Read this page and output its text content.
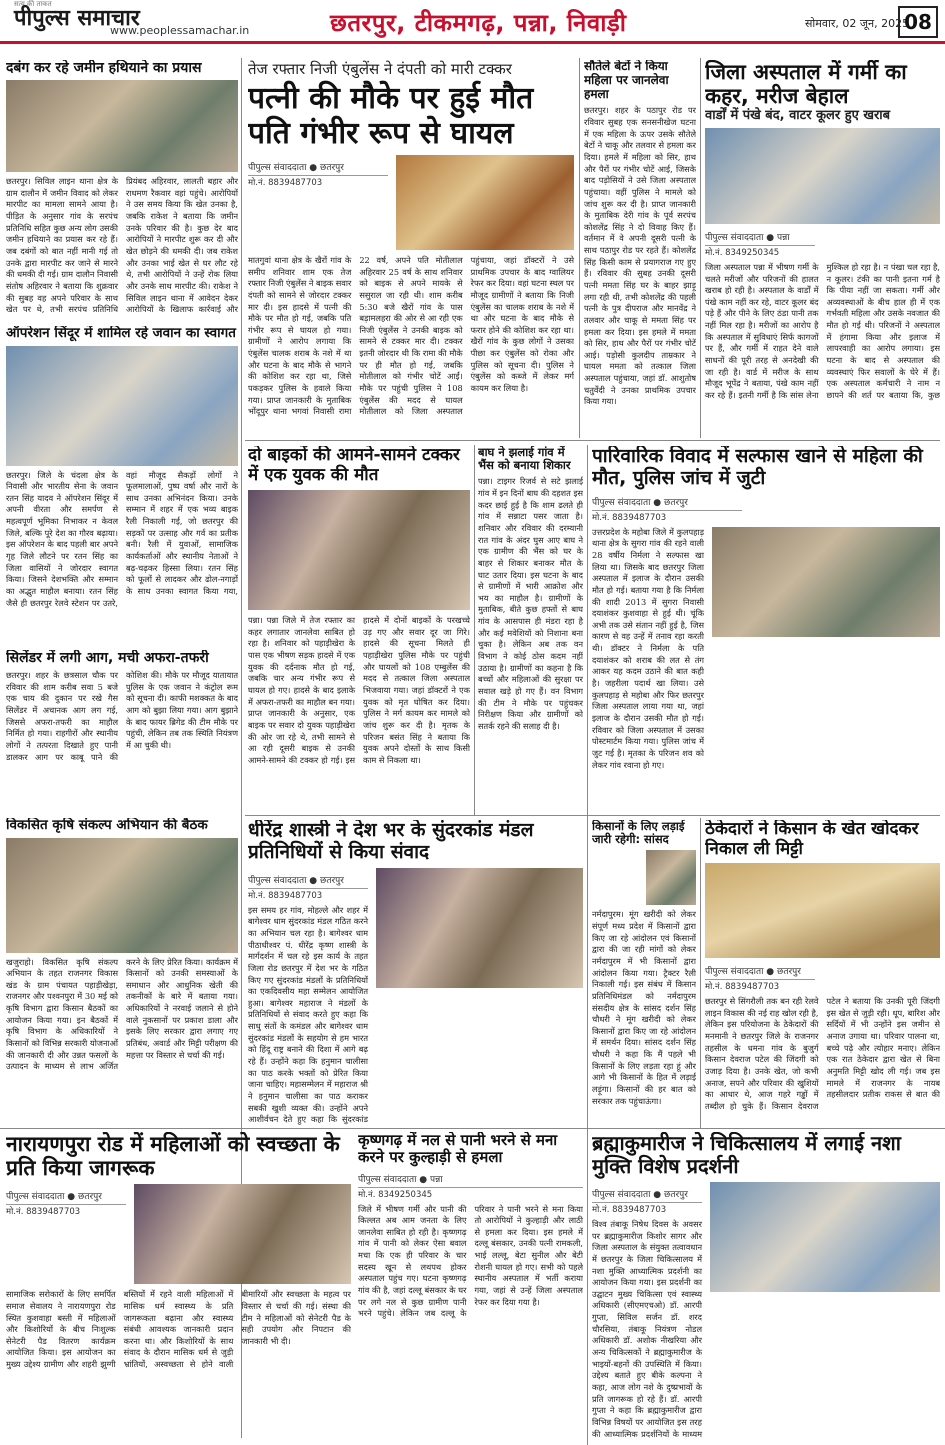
सत्य की ताकत
पीपुल्स समाचार
www.peoplessamachar.in	छतरपुर, टीकमगढ़, पन्ना, निवाड़ी	सोमवार, 02 जून, 2025
08
दबंग कर रहे जमीन हथियाने का प्रयास
छतरपुर। सिविल लाइन थाना क्षेत्र के ग्राम दालौन में जमीन विवाद को लेकर मारपीट का मामला सामने आया है। पीड़ित के अनुसार गांव के सरपंच प्रतिनिधि सहित कुछ अन्य लोग उसकी जमीन हथियाने का प्रयास कर रहे हैं। जब दबंगों को बात नहीं मानी गई तो उनके द्वारा मारपीट कर जाने से मारने की धमकी दी गई। ग्राम दालौन निवासी संतोष अहिरवार ने बताया कि शुक्रवार की सुबह वह अपने परिवार के साथ खेत पर थे, तभी सरपंच प्रतिनिधि प्रियंबद अहिरवार, लालती बहार और राधमण रैकवार वहां पहुंचे। आरोपियों ने उस समय किया कि खेत उनका है, जबकि राकेश ने बताया कि जमीन उनके परिवार की है। कुछ देर बाद आरोपियों ने मारपीट शुरू कर दी और खेत छोड़ने की धमकी दी। जब राकेश और उनका भाई खेत से घर लौट रहे थे, तभी आरोपियों ने उन्हें रोक लिया और उनके साथ मारपीट की। राकेश ने सिविल लाइन थाना में आवेदन देकर आरोपियों के खिलाफ कार्रवाई और
ऑपरेशन सिंदूर में शामिल रहे जवान का स्वागत
छतरपुर। जिले के चंदला क्षेत्र के निवासी और भारतीय सेना के जवान रतन सिंह यादव ने ऑपरेशन सिंदूर में अपनी वीरता और समर्पण से महत्वपूर्ण भूमिका निभाकर न केवल जिले, बल्कि पूरे देश का गौरव बढ़ाया। इस ऑपरेशन के बाद पहली बार अपने गृह जिले लौटने पर रतन सिंह का जिला वासियों ने जोरदार स्वागत किया। जिसने देशभक्ति और सम्मान का अद्भुत माहौल बनाया। रतन सिंह जैसे ही छतरपुर रेलवे स्टेशन पर उतरे, वहां मौजूद सैकड़ों लोगों ने फूलमालाओं, पुष्प वर्षा और नारों के साथ उनका अभिनंदन किया। उनके सम्मान में शहर में एक भव्य बाइक रैली निकाली गई, जो छतरपुर की सड़कों पर उत्साह और गर्व का प्रतीक बनी। रैली में युवाओं, सामाजिक कार्यकर्ताओं और स्थानीय नेताओं ने बढ़-चढ़कर हिस्सा लिया। रतन सिंह को फूलों से लादकर और ढोल-नगाड़ों के साथ उनका स्वागत किया गया,
सिलेंडर में लगी आग, मची अफरा-तफरी
छतरपुर। शहर के छत्रसाल चौक पर रविवार की शाम करीब सवा 5 बजे एक चाय की दुकान पर रखे गैस सिलेंडर में अचानक आग लग गई, जिससे अफरा-तफरी का माहौल निर्मित हो गया। राहगीरों और स्थानीय लोगों ने तत्परता दिखाते हुए पानी डालकर आग पर काबू पाने की कोशिश की। मौके पर मौजूद यातायात पुलिस के एक जवान ने कंट्रोल रूम को सूचना दी। काफी मशक्कत के बाद आग को बुझा लिया गया। आग बुझाने के बाद फायर ब्रिगेड की टीम मौके पर पहुंची, लेकिन तब तक स्थिति नियंत्रण में आ चुकी थी।
विकसित कृषि संकल्प अभियान की बैठक
खजुराहो। विकसित कृषि संकल्प अभियान के तहत राजनगर विकास खंड के ग्राम पंचायत पहाड़ीखेड़ा, राजनगर और पश्वनपुरा में 30 मई को कृषि विभाग द्वारा किसान बैठकों का आयोजन किया गया। इन बैठकों में कृषि विभाग के अधिकारियों ने किसानों को विभिन्न सरकारी योजनाओं की जानकारी दी और उन्नत फसलों के उत्पादन के माध्यम से लाभ अर्जित करने के लिए प्रेरित किया। कार्यक्रम में किसानों को उनकी समस्याओं के समाधान और आधुनिक खेती की तकनीकों के बारे में बताया गया। अधिकारियों ने नरवाई जलाने से होने वाले नुकसानों पर प्रकाश डाला और इसके लिए सरकार द्वारा लगाए गए प्रतिबंध, अवार्ड और मिट्टी परीक्षण की महत्ता पर विस्तार से चर्चा की गई।
तेज रफ्तार निजी एंबुलेंस ने दंपती को मारी टक्कर
पत्नी की मौके पर हुई मौत पति गंभीर रूप से घायल
पीपुल्स संवाददाता ● छतरपुर
मो.नं. 8839487703
मातगुवां थाना क्षेत्र के खैरों गांव के समीप शनिवार शाम एक तेज रफ्तार निजी एंबुलेंस ने बाइक सवार दंपती को सामने से जोरदार टक्कर मार दी। इस हादसे में पत्नी की मौके पर मौत हो गई, जबकि पति गंभीर रूप से घायल हो गया। ग्रामीणों ने आरोप लगाया कि एंबुलेंस चालक शराब के नशे में था और घटना के बाद मौके से भागने की कोशिश कर रहा था, जिसे पकड़कर पुलिस के हवाले किया गया। प्राप्त जानकारी के मुताबिक भोंदूपुर थाना भगवां निवासी रामा 22 वर्ष, अपने पति मोतीलाल अहिरवार 25 वर्ष के साथ शनिवार को बाइक से अपने मायके से ससुराल जा रही थी। शाम करीब 5:30 बजे खैरों गांव के पास बड़ामलहरा की ओर से आ रही एक निजी एंबुलेंस ने उनकी बाइक को सामने से टक्कर मार दी। टक्कर इतनी जोरदार थी कि रामा की मौके पर ही मौत हो गई, जबकि मोतीलाल को गंभीर चोटें आईं। मौके पर पहुंची पुलिस ने 108 एंबुलेंस की मदद से घायल मोतीलाल को जिला अस्पताल पहुंचाया, जहां डॉक्टरों ने उसे प्राथमिक उपचार के बाद ग्वालियर रेफर कर दिया। वहां घटना स्थल पर मौजूद ग्रामीणों ने बताया कि निजी एंबुलेंस का चालक शराब के नशे में था और घटना के बाद मौके से फरार होने की कोशिश कर रहा था। खैरों गांव के कुछ लोगों ने उसका पीछा कर एंबुलेंस को रोका और पुलिस को सूचना दी। पुलिस ने एंबुलेंस को कब्जे में लेकर मर्ग कायम कर लिया है।
सौतेले बेटों ने किया महिला पर जानलेवा हमला
छतरपुर। शहर के पठापुर रोड पर रविवार सुबह एक सनसनीखेज घटना में एक महिला के ऊपर उसके सौतेले बेटों ने चाकू और तलवार से हमला कर दिया। हमले में महिला को सिर, हाथ और पैरों पर गंभीर चोटें आई, जिसके बाद पड़ोसियों ने उसे जिला अस्पताल पहुंचाया। वहीं पुलिस ने मामले को जांच शुरू कर दी है। प्राप्त जानकारी के मुताबिक देरी गांव के पूर्व सरपंच कोशलेंद्र सिंह ने दो विवाह किए हैं। वर्तमान में वे अपनी दूसरी पत्नी के साथ पठापुर रोड पर रहते हैं। कोशलेंद्र सिंह किसी काम से प्रयागराज गए हुए हैं। रविवार की सुबह उनकी दूसरी पत्नी ममता सिंह घर के बाहर झाड़ू लगा रही थी, तभी कोशलेंद्र की पहली पत्नी के पुत्र दीपराज और मानवेंद्र ने तलवार और चाकू से ममता सिंह पर हमला कर दिया। इस हमले में ममता को सिर, हाथ और पैरों पर गंभीर चोटें आई। पड़ोसी कुलदीप ताम्रकार ने घायल ममता को तत्काल जिला अस्पताल पहुंचाया, जहां डॉ. आशुतोष चतुर्वेदी ने उनका प्राथमिक उपचार किया गया।
जिला अस्पताल में गर्मी का कहर, मरीज बेहाल
वार्डों में पंखे बंद, वाटर कूलर हुए खराब
पीपुल्स संवाददाता ● पन्ना
मो.नं. 8349250345
जिला अस्पताल पन्ना में भीषण गर्मी के चलते मरीजों और परिजनों की हालत खराब हो रही है। अस्पताल के वार्डों में पंखे काम नहीं कर रहे, वाटर कूलर बंद पड़े हैं और पीने के लिए ठंडा पानी तक नहीं मिल रहा है। मरीजों का आरोप है कि अस्पताल में सुविधाएं सिर्फ कागजों पर हैं, और गर्मी में राहत देने वाले साधनों की पूरी तरह से अनदेखी की जा रही है। वार्ड में मरीज के साथ मौजूद भूपेंद्र ने बताया, पंखे काम नहीं कर रहे हैं। इतनी गर्मी है कि सांस लेना मुश्किल हो रहा है। न पंखा चल रहा है, न कूलर। टंकी का पानी इतना गर्म है कि पीया नहीं जा सकता। गर्मी और अव्यवस्थाओं के बीच हाल ही में एक गर्भवती महिला और उसके नवजात की मौत हो गई थी। परिजनों ने अस्पताल में हंगामा किया और इलाज में लापरवाही का आरोप लगाया। इस घटना के बाद से अस्पताल की व्यवस्थाएं फिर सवालों के घेरे में हैं। एक अस्पताल कर्मचारी ने नाम न छापने की शर्त पर बताया कि, कुछ
दो बाइकों की आमने-सामने टक्कर में एक युवक की मौत
पन्ना। पन्ना जिले में तेज रफ्तार का कहर लगातार जानलेवा साबित हो रहा है। शनिवार को पहाड़ीखेरा के पास एक भीषण सड़क हादसे में एक युवक की दर्दनाक मौत हो गई, जबकि चार अन्य गंभीर रूप से घायल हो गए। हादसे के बाद इलाके में अफरा-तफरी का माहौल बन गया। प्राप्त जानकारी के अनुसार, एक बाइक पर सवार दो युवक पहाड़ीखेरा की ओर जा रहे थे, तभी सामने से आ रही दूसरी बाइक से उनकी आमने-सामने की टक्कर हो गई। इस हादसे में दोनों बाइकों के परखच्चे उड़ गए और सवार दूर जा गिरे। हादसे की सूचना मिलते ही पहाड़ीखेरा पुलिस मौके पर पहुंची और घायलों को 108 एम्बुलेंस की मदद से तत्काल जिला अस्पताल भिजवाया गया। जहां डॉक्टरों ने एक युवक को मृत घोषित कर दिया। पुलिस ने मर्ग कायम कर मामले को जांच शुरू कर दी है। मृतक के परिजन बसंत सिंह ने बताया कि युवक अपने दोस्तों के साथ किसी काम से निकला था।
बाघ ने झलाई गांव में भैंस को बनाया शिकार
पन्ना। टाइगर रिजर्व से सटे झलाई गांव में इन दिनों बाघ की दहशत इस कदर छाई हुई है कि शाम ढलते ही गांव में सन्नाटा पसर जाता है। शनिवार और रविवार की दरम्यानी रात गांव के अंदर घुस आए बाघ ने एक ग्रामीण की भैंस को घर के बाहर से शिकार बनाकर मौत के घाट उतार दिया। इस घटना के बाद से ग्रामीणों में भारी आक्रोश और भय का माहौल है। ग्रामीणों के मुताबिक, बीते कुछ हफ्तों से बाघ गांव के आसपास ही मंडरा रहा है और कई मवेशियों को निशाना बना चुका है। लेकिन अब तक वन विभाग ने कोई ठोस कदम नहीं उठाया है। ग्रामीणों का कहना है कि बच्चों और महिलाओं की सुरक्षा पर सवाल खड़े हो गए हैं। वन विभाग की टीम ने मौके पर पहुंचकर निरीक्षण किया और ग्रामीणों को सतर्क रहने की सलाह दी है।
पारिवारिक विवाद में सल्फास खाने से महिला की मौत, पुलिस जांच में जुटी
पीपुल्स संवाददाता ● छतरपुर
मो.नं. 8839487703
उत्तरप्रदेश के महोबा जिले में कुलपहाड़ थाना क्षेत्र के सुगरा गांव की रहने वाली 28 वर्षीय निर्मला ने सल्फास खा लिया था। जिसके बाद छतरपुर जिला अस्पताल में इलाज के दौरान उसकी मौत हो गई। बताया गया है कि निर्मला की शादी 2013 में सुगरा निवासी दयाशंकर कुशवाहा से हुई थी। चूंकि अभी तक उसे संतान नहीं हुई है, जिस कारण से वह उन्हें में तनाव रहा करती थी। डॉक्टर ने निर्मला के पति दयाशंकर को शराब की लत से तंग आकर यह कदम उठाने की बात कही है। जहरीला पदार्थ खा लिया। उसे कुलपहाड़ से महोबा और फिर छतरपुर जिला अस्पताल लाया गया था, जहां इलाज के दौरान उसकी मौत हो गई। रविवार को जिला अस्पताल में उसका पोस्टमार्टम किया गया। पुलिस जांच में जुट गई है। मृतका के परिजन शव को लेकर गांव रवाना हो गए।
धीरेंद्र शास्त्री ने देश भर के सुंदरकांड मंडल प्रतिनिधियों से किया संवाद
पीपुल्स संवाददाता ● छतरपुर
मो.नं. 8839487703
इस समय हर गांव, मोहल्ले और शहर में बागेश्वर धाम सुंदरकांड मंडल गठित करने का अभियान चल रहा है। बागेश्वर धाम पीठाधीश्वर पं. धीरेंद्र कृष्ण शास्त्री के मार्गदर्शन में चल रहे इस कार्य के तहत जिला रोड छतरपुर में देश भर के गठित किए गए सुंदरकांड मंडलों के प्रतिनिधियों का एकदिवसीय महा सम्मेलन आयोजित हुआ। बागेश्वर महाराज ने मंडलों के प्रतिनिधियों से संवाद करते हुए कहा कि साधु संतों के कमंडल और बागेश्वर धाम सुंदरकांड मंडलों के सहयोग से हम भारत को हिंदू राष्ट्र बनाने की दिशा में आगे बढ़ रहे हैं। उन्होंने कहा कि हनुमान चालीसा का पाठ करके भक्तों को प्रेरित किया जाना चाहिए। महासम्मेलन में महाराज श्री ने हनुमान चालीसा का पाठ कराकर सबकी खुशी व्यक्त की। उन्होंने अपने आशीर्वचन देते हुए कहा कि सुंदरकांड
किसानों के लिए लड़ाई जारी रहेगी: सांसद
नर्मदापुरम। मूंग खरीदी को लेकर संपूर्ण मध्य प्रदेश में किसानों द्वारा किए जा रहे आंदोलन एवं किसानों द्वारा की जा रही मांगों को लेकर नर्मदापुरम में भी किसानों द्वारा आंदोलन किया गया। ट्रैक्टर रैली निकाली गई। इस संबंध में किसान प्रतिनिधिमंडल को नर्मदापुरम संसदीय क्षेत्र के सांसद दर्शन सिंह चौधरी ने मूंग खरीदी को लेकर किसानों द्वारा किए जा रहे आंदोलन में समर्थन दिया। सांसद दर्शन सिंह चौधरी ने कहा कि मैं पहले भी किसानों के लिए लड़ता रहा हूं और आगे भी किसानों के हित में लड़ाई लड़ूंगा। किसानों की हर बात को सरकार तक पहुंचाऊंगा।
ठेकेदारों ने किसान के खेत खोदकर निकाल ली मिट्टी
पीपुल्स संवाददाता ● छतरपुर
मो.नं. 8839487703
छतरपुर से सिंगरौली तक बन रही रेलवे लाइन विकास की नई राह खोल रही है, लेकिन इस परियोजना के ठेकेदारों की मनमानी ने छतरपुर जिले के राजनगर तहसील के धमना गांव के बुजुर्ग किसान देवराज पटेल की जिंदगी को उजाड़ दिया है। उनके खेत, जो कभी अनाज, सपने और परिवार की खुशियों का आधार थे, आज गहरे गड्ढों में तब्दील हो चुके हैं। किसान देवराज पटेल ने बताया कि उनकी पूरी जिंदगी इस खेत से जुड़ी रही। धूप, बारिश और सर्दियों में भी उन्होंने इस जमीन से अनाज उगाया था। परिवार पालना था, बच्चे पढ़े और त्योहार मनाए। लेकिन एक रात ठेकेदार द्वारा खेत से बिना अनुमति मिट्टी खोद ली गई। जब इस मामले में राजनगर के नायब तहसीलदार प्रतीक राकस से बात की
नारायणपुरा रोड में महिलाओं को स्वच्छता के प्रति किया जागरूक
पीपुल्स संवाददाता ● छतरपुर
मो.नं. 8839487703
सामाजिक सरोकारों के लिए समर्पित समाज सेवालय ने नारायणपुरा रोड स्थित कुशवाहा बस्ती में महिलाओं और किशोरियों के बीच निःशुल्क सेनेटरी पैड वितरण कार्यक्रम आयोजित किया। इस आयोजन का मुख्य उद्देश्य ग्रामीण और शहरी झुग्गी बस्तियों में रहने वाली महिलाओं में मासिक धर्म स्वास्थ्य के प्रति जागरूकता बढ़ाना और स्वास्थ्य संबंधी आवश्यक जानकारी प्रदान करना था। और किशोरियों के साथ संवाद के दौरान मासिक धर्म से जुड़ी भ्रांतियों, अस्वच्छता से होने वाली बीमारियों और स्वच्छता के महत्व पर विस्तार से चर्चा की गई। संस्था की टीम ने महिलाओं को सेनेटरी पैड के सही उपयोग और निपटान की जानकारी भी दी।
कृष्णगढ़ में नल से पानी भरने से मना करने पर कुल्हाड़ी से हमला
पीपुल्स संवाददाता ● पन्ना
मो.नं. 8349250345
जिले में भीषण गर्मी और पानी की किल्लत अब आम जनता के लिए जानलेवा साबित हो रही है। कृष्णगढ़ गांव में पानी को लेकर ऐसा बवाल मचा कि एक ही परिवार के चार सदस्य खून से लथपथ होकर अस्पताल पहुंच गए। घटना कृष्णगढ़ गांव की है, जहां दल्लू बंसकार के घर पर लगे नल से कुछ ग्रामीण पानी भरने पहुंचे। लेकिन जब दल्लू के परिवार ने पानी भरने से मना किया तो आरोपियों ने कुल्हाड़ी और लाठी से हमला कर दिया। इस हमले में दल्लू बंसकार, उनकी पत्नी रामकली, भाई लल्लू, बेटा सुनील और बेटी रोशनी घायल हो गए। सभी को पहले स्थानीय अस्पताल में भर्ती कराया गया, जहां से उन्हें जिला अस्पताल रेफर कर दिया गया है।
ब्रह्माकुमारीज ने चिकित्सालय में लगाई नशा मुक्ति विशेष प्रदर्शनी
पीपुल्स संवाददाता ● छतरपुर
मो.नं. 8839487703
विश्व तंबाकू निषेध दिवस के अवसर पर ब्रह्माकुमारीज किशोर सागर और जिला अस्पताल के संयुक्त तत्वावधान में छतरपुर के जिला चिकित्सालय में नशा मुक्ति आध्यात्मिक प्रदर्शनी का आयोजन किया गया। इस प्रदर्शनी का उद्घाटन मुख्य चिकित्सा एवं स्वास्थ्य अधिकारी (सीएमएचओ) डॉ. आरपी गुप्ता, सिविल सर्जन डॉ. शरद चौरसिया, तंबाकू नियंत्रण नोडल अधिकारी डॉ. अशोक नीखरिया और अन्य चिकित्सकों ने ब्रह्माकुमारीज के भाइयों-बहनों की उपस्थिति में किया। उद्देश्य बताते हुए बीके कल्पना ने कहा, आज लोग नशे के दुष्प्रभावों के प्रति जागरूक हो रहे हैं। डॉ. आरपी गुप्ता ने कहा कि ब्रह्माकुमारीज द्वारा विभिन्न विषयों पर आयोजित इस तरह की आध्यात्मिक प्रदर्शनियों के माध्यम
